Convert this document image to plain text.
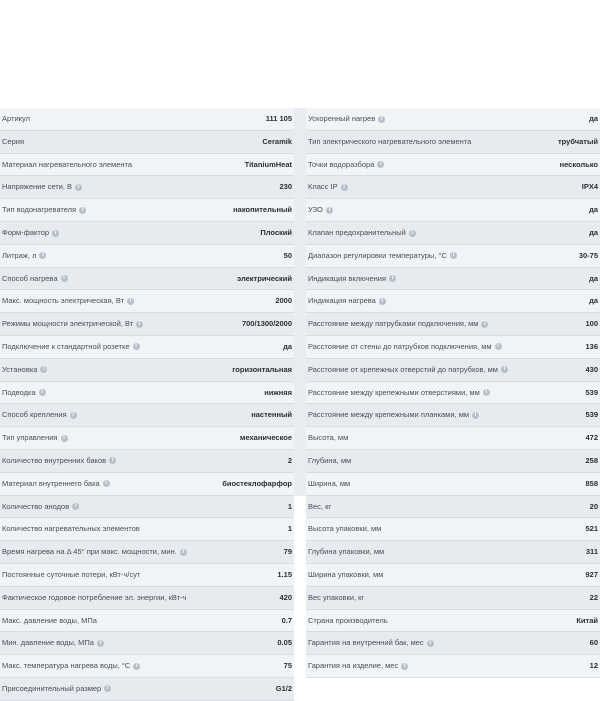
Артикул	111 105
Серия	Ceramik
Материал нагревательного элемента	TitaniumHeat
Напряжение сети, В i	230
Тип водонагревателя i	накопительный
Форм-фактор i	Плоский
Литраж, л i	50
Способ нагрева i	электрический
Макс. мощность электрическая, Вт i	2000
Режимы мощности электрической, Вт i	700/1300/2000
Подключение к стандартной розетке i	да
Установка i	горизонтальная
Подводка i	нижняя
Способ крепления i	настенный
Тип управления i	механическое
Количество внутренних баков i	2
Материал внутреннего бака i	биостеклофарфор
Количество анодов i	1
Количество нагревательных элементов	1
Время нагрева на Δ 45° при макс. мощности, мин. i	79
Постоянные суточные потери, кВт-ч/сут	1.15
Фактическое годовое потребление эл. энергии, кВт-ч	420
Макс. давление воды, МПа	0.7
Мин. давление воды, МПа i	0.05
Макс. температура нагрева воды, °С i	75
Присоединительный размер i	G1/2
Ускоренный нагрев i	да
Тип электрического нагревательного элемента	трубчатый
Точки водоразбора i	несколько
Класс IP i	IPX4
УЗО i	да
Клапан предохранительный i	да
Диапазон регулировки температуры, °С i	30-75
Индикация включения i	да
Индикация нагрева i	да
Расстояние между патрубками подключения, мм i	100
Расстояние от стены до патрубков подключения, мм i	136
Расстояние от крепежных отверстий до патрубков, мм i	430
Расстояние между крепежными отверстиями, мм i	539
Расстояние между крепежными планками, мм i	539
Высота, мм	472
Глубина, мм	258
Ширина, мм	858
Вес, кг	20
Высота упаковки, мм	521
Глубина упаковки, мм	311
Ширина упаковки, мм	927
Вес упаковки, кг	22
Страна производитель	Китай
Гарантия на внутренний бак, мес i	60
Гарантия на изделие, мес i	12
